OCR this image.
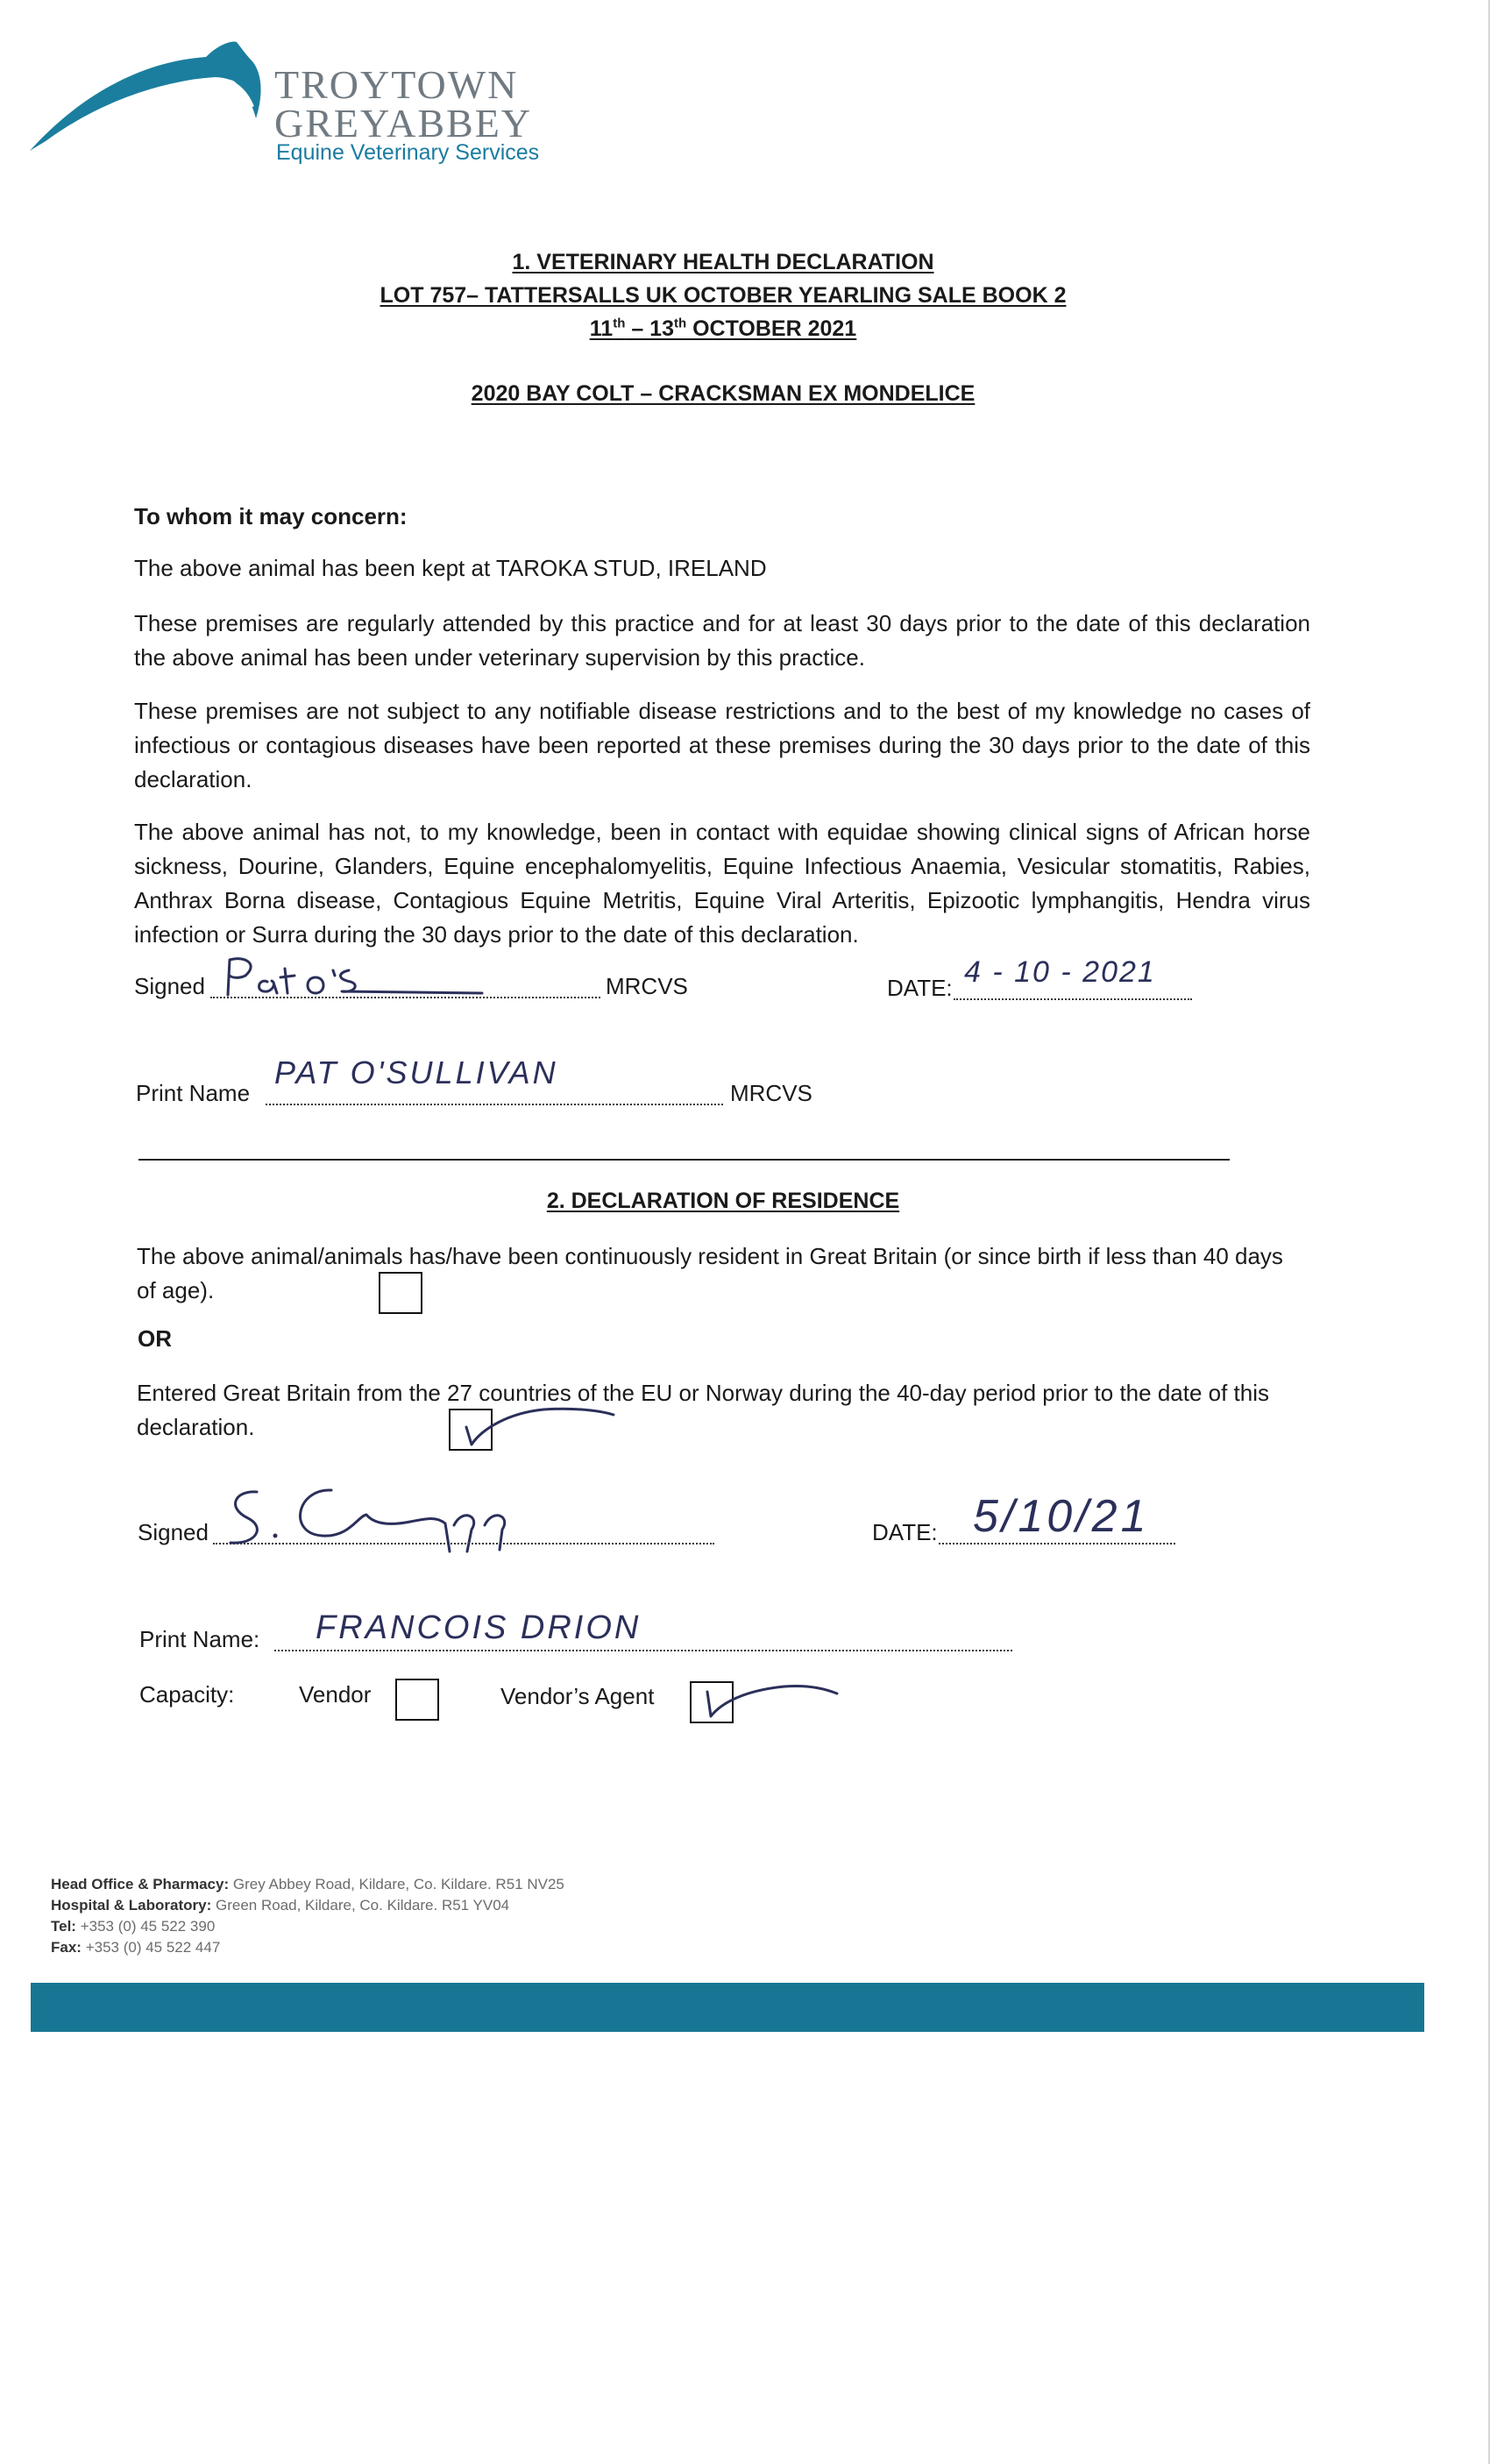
TROYTOWN
GREYABBEY
Equine Veterinary Services
1. VETERINARY HEALTH DECLARATION
LOT 757– TATTERSALLS UK OCTOBER YEARLING SALE BOOK 2
11th – 13th OCTOBER 2021
2020 BAY COLT – CRACKSMAN EX MONDELICE
To whom it may concern:
The above animal has been kept at TAROKA STUD, IRELAND
These premises are regularly attended by this practice and for at least 30 days prior to the date of this declaration the above animal has been under veterinary supervision by this practice.
These premises are not subject to any notifiable disease restrictions and to the best of my knowledge no cases of infectious or contagious diseases have been reported at these premises during the 30 days prior to the date of this declaration.
The above animal has not, to my knowledge, been in contact with equidae showing clinical signs of African horse sickness, Dourine, Glanders, Equine encephalomyelitis, Equine Infectious Anaemia, Vesicular stomatitis, Rabies, Anthrax Borna disease, Contagious Equine Metritis, Equine Viral Arteritis, Epizootic lymphangitis, Hendra virus infection or Surra during the 30 days prior to the date of this declaration.
Signed	MRCVS	DATE: 4 - 10 - 2021
Print Name
PAT O'SULLIVAN
MRCVS
2. DECLARATION OF RESIDENCE
The above animal/animals has/have been continuously resident in Great Britain (or since birth if less than 40 days of age).
OR
Entered Great Britain from the 27 countries of the EU or Norway during the 40-day period prior to the date of this declaration.
Signed	DATE: 5/10/21
Print Name: FRANCOIS DRION
Capacity:	Vendor	Vendor’s Agent
Head Office & Pharmacy: Grey Abbey Road, Kildare, Co. Kildare. R51 NV25
Hospital & Laboratory: Green Road, Kildare, Co. Kildare. R51 YV04
Tel: +353 (0) 45 522 390
Fax: +353 (0) 45 522 447
